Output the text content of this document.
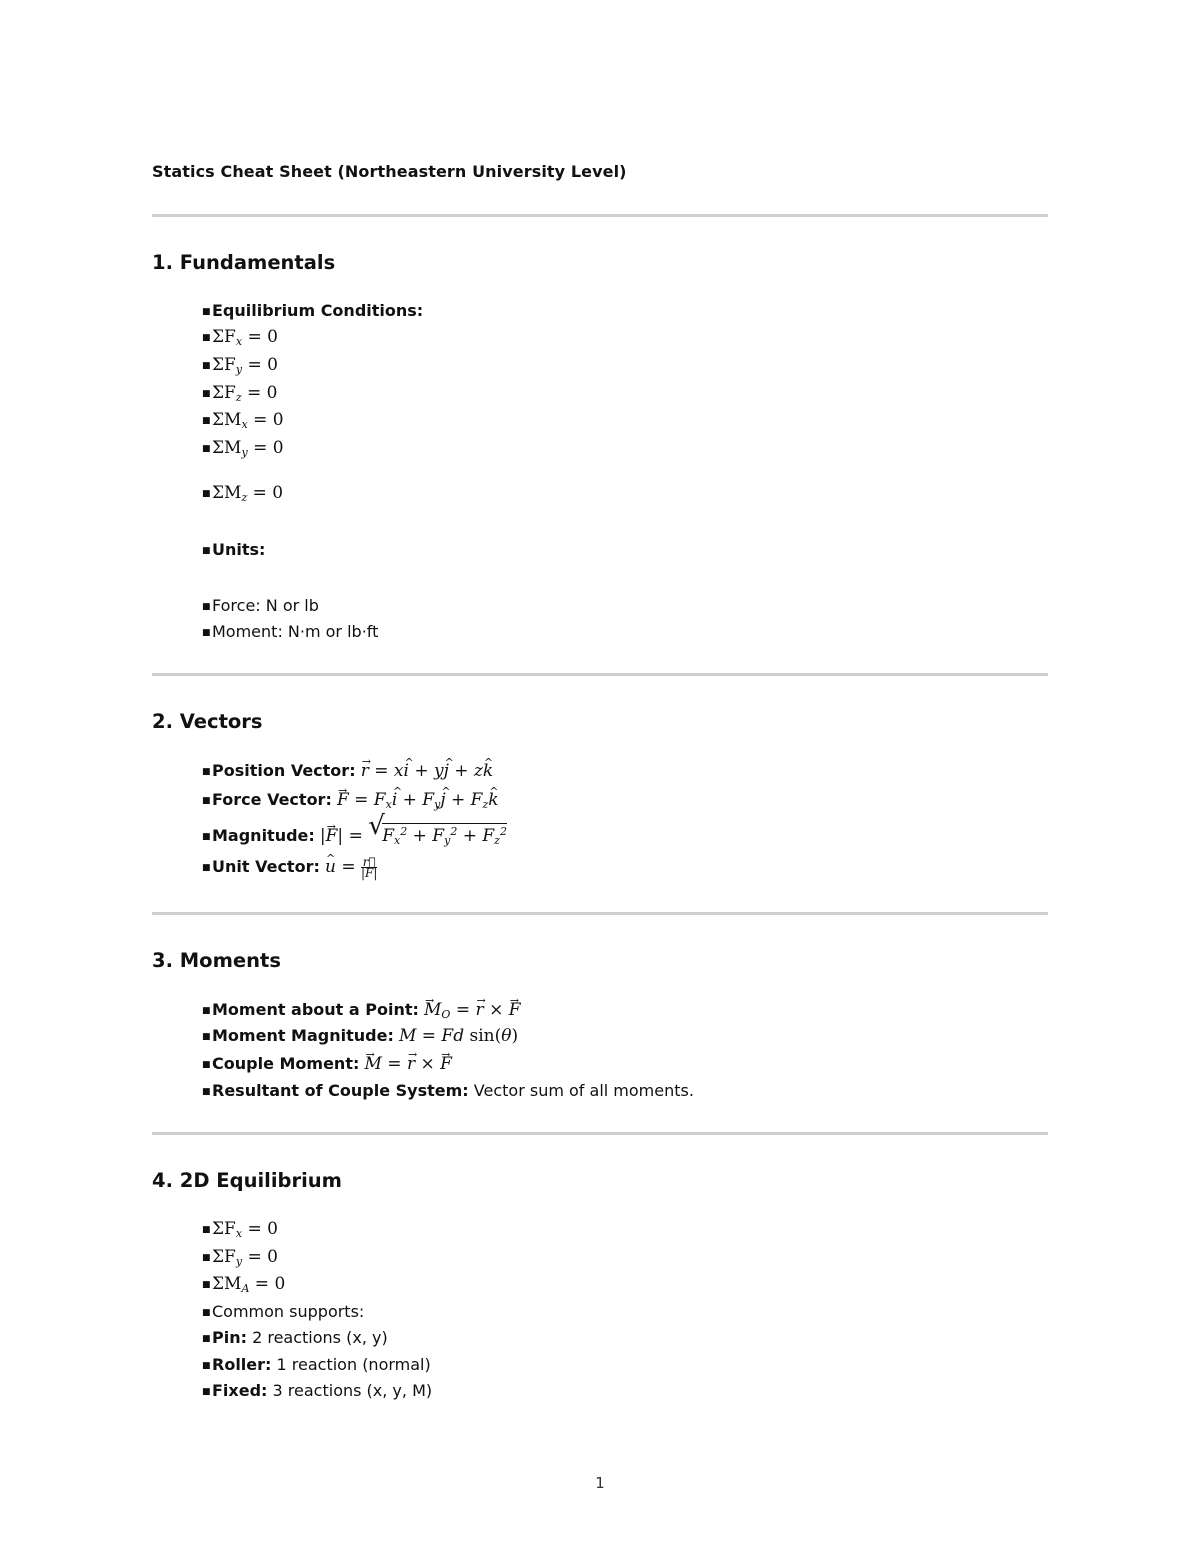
Statics Cheat Sheet (Northeastern University Level)
1. Fundamentals
■Equilibrium Conditions:
$■\Sigma F_x = 0$
$■\Sigma F_y = 0$
$■\Sigma F_z = 0$
$■\Sigma M_x = 0$
$■\Sigma M_y = 0$
$■\Sigma M_z = 0$
■Units:
■Force: N or lb
■Moment: N·m or lb·ft
2. Vectors
■Position Vector: → r = x^ i + y^ j + z^ k
■Force Vector: → $F = F_x\^{}$ $i + F_y\^{}$ $j + F_z\^{}$ k
■Magnitude: |→ F| = √
$F_x^2 + F_y^2 + F_z^2$
■Unit Vector: ^ $u = \frac{r⃗}{|F|}$
3. Moments
■Moment about a Point: → $M_O$ = → r × → F
■Moment Magnitude: M = Fd sin(θ)
■Couple Moment: → M = → r × → F
■Resultant of Couple System: Vector sum of all moments.
4. 2D Equilibrium
$■\Sigma F_x = 0$
$■\Sigma F_y = 0$
$■\Sigma M_A = 0$
■Common supports:
■Pin: 2 reactions (x, y)
■Roller: 1 reaction (normal)
■Fixed: 3 reactions (x, y, M)
1
